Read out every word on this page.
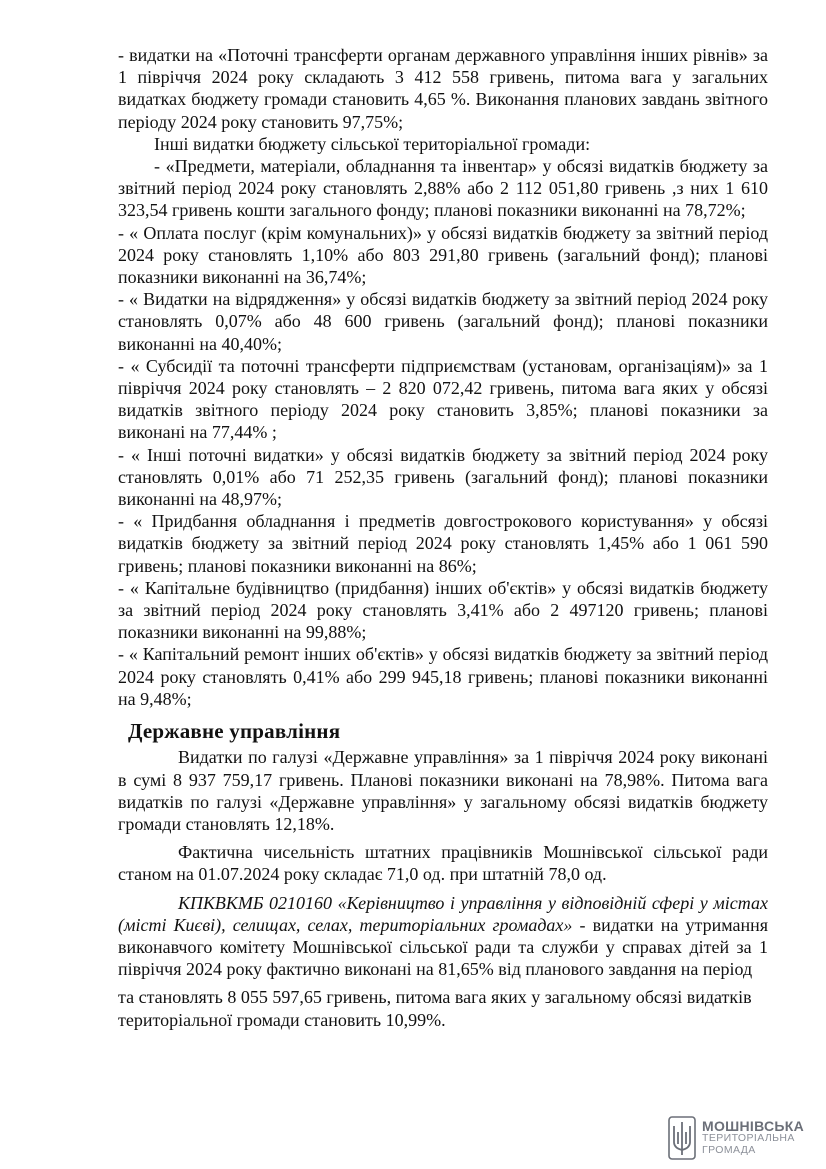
- видатки на «Поточні трансферти органам державного управління інших рівнів» за 1 півріччя 2024 року складають 3 412 558 гривень, питома вага у загальних видатках бюджету громади становить 4,65 %. Виконання планових завдань звітного періоду 2024 року становить 97,75%;

Інші видатки бюджету сільської територіальної громади:

- «Предмети, матеріали, обладнання та інвентар» у обсязі видатків бюджету за звітний період 2024 року становлять 2,88% або 2 112 051,80 гривень ,з них 1 610 323,54 гривень кошти загального фонду; планові показники виконанні на 78,72%;

- « Оплата послуг (крім комунальних)» у обсязі видатків бюджету за звітний період 2024 року становлять 1,10% або 803 291,80 гривень (загальний фонд); планові показники виконанні на 36,74%;

- « Видатки на відрядження» у обсязі видатків бюджету за звітний період 2024 року становлять 0,07% або 48 600 гривень (загальний фонд); планові показники виконанні на 40,40%;

- « Субсидії та поточні трансферти підприємствам (установам, організаціям)» за 1 півріччя 2024 року становлять – 2 820 072,42 гривень, питома вага яких у обсязі видатків звітного періоду 2024 року становить 3,85%; планові показники за виконані на 77,44% ;

- « Інші поточні видатки» у обсязі видатків бюджету за звітний період 2024 року становлять 0,01% або 71 252,35 гривень (загальний фонд); планові показники виконанні на 48,97%;

- « Придбання обладнання і предметів довгострокового користування» у обсязі видатків бюджету за звітний період 2024 року становлять 1,45% або 1 061 590 гривень; планові показники виконанні на 86%;

- « Капітальне будівництво (придбання) інших об'єктів» у обсязі видатків бюджету за звітний період 2024 року становлять 3,41% або 2 497120 гривень; планові показники виконанні на 99,88%;

- « Капітальний ремонт інших об'єктів» у обсязі видатків бюджету за звітний період 2024 року становлять 0,41% або 299 945,18 гривень; планові показники виконанні на 9,48%;

Державне управління

Видатки по галузі «Державне управління» за 1 півріччя 2024 року виконані в сумі 8 937 759,17 гривень. Планові показники виконані на 78,98%. Питома вага видатків по галузі «Державне управління» у загальному обсязі видатків бюджету громади становлять 12,18%.

Фактична чисельність штатних працівників Мошнівської сільської ради станом на 01.07.2024 року складає 71,0 од. при штатній 78,0 од.

КПКВКМБ 0210160 «Керівництво і управління у відповідній сфері у містах (місті Києві), селищах, селах, територіальних громадах» - видатки на утримання виконавчого комітету Мошнівської сільської ради та служби у справах дітей за 1 півріччя 2024 року фактично виконані на 81,65% від планового завдання на період

та становлять 8 055 597,65 гривень, питома вага яких у загальному обсязі видатків територіальної громади становить 10,99%.

МОШНІВСЬКА
ТЕРИТОРІАЛЬНА
ГРОМАДА
